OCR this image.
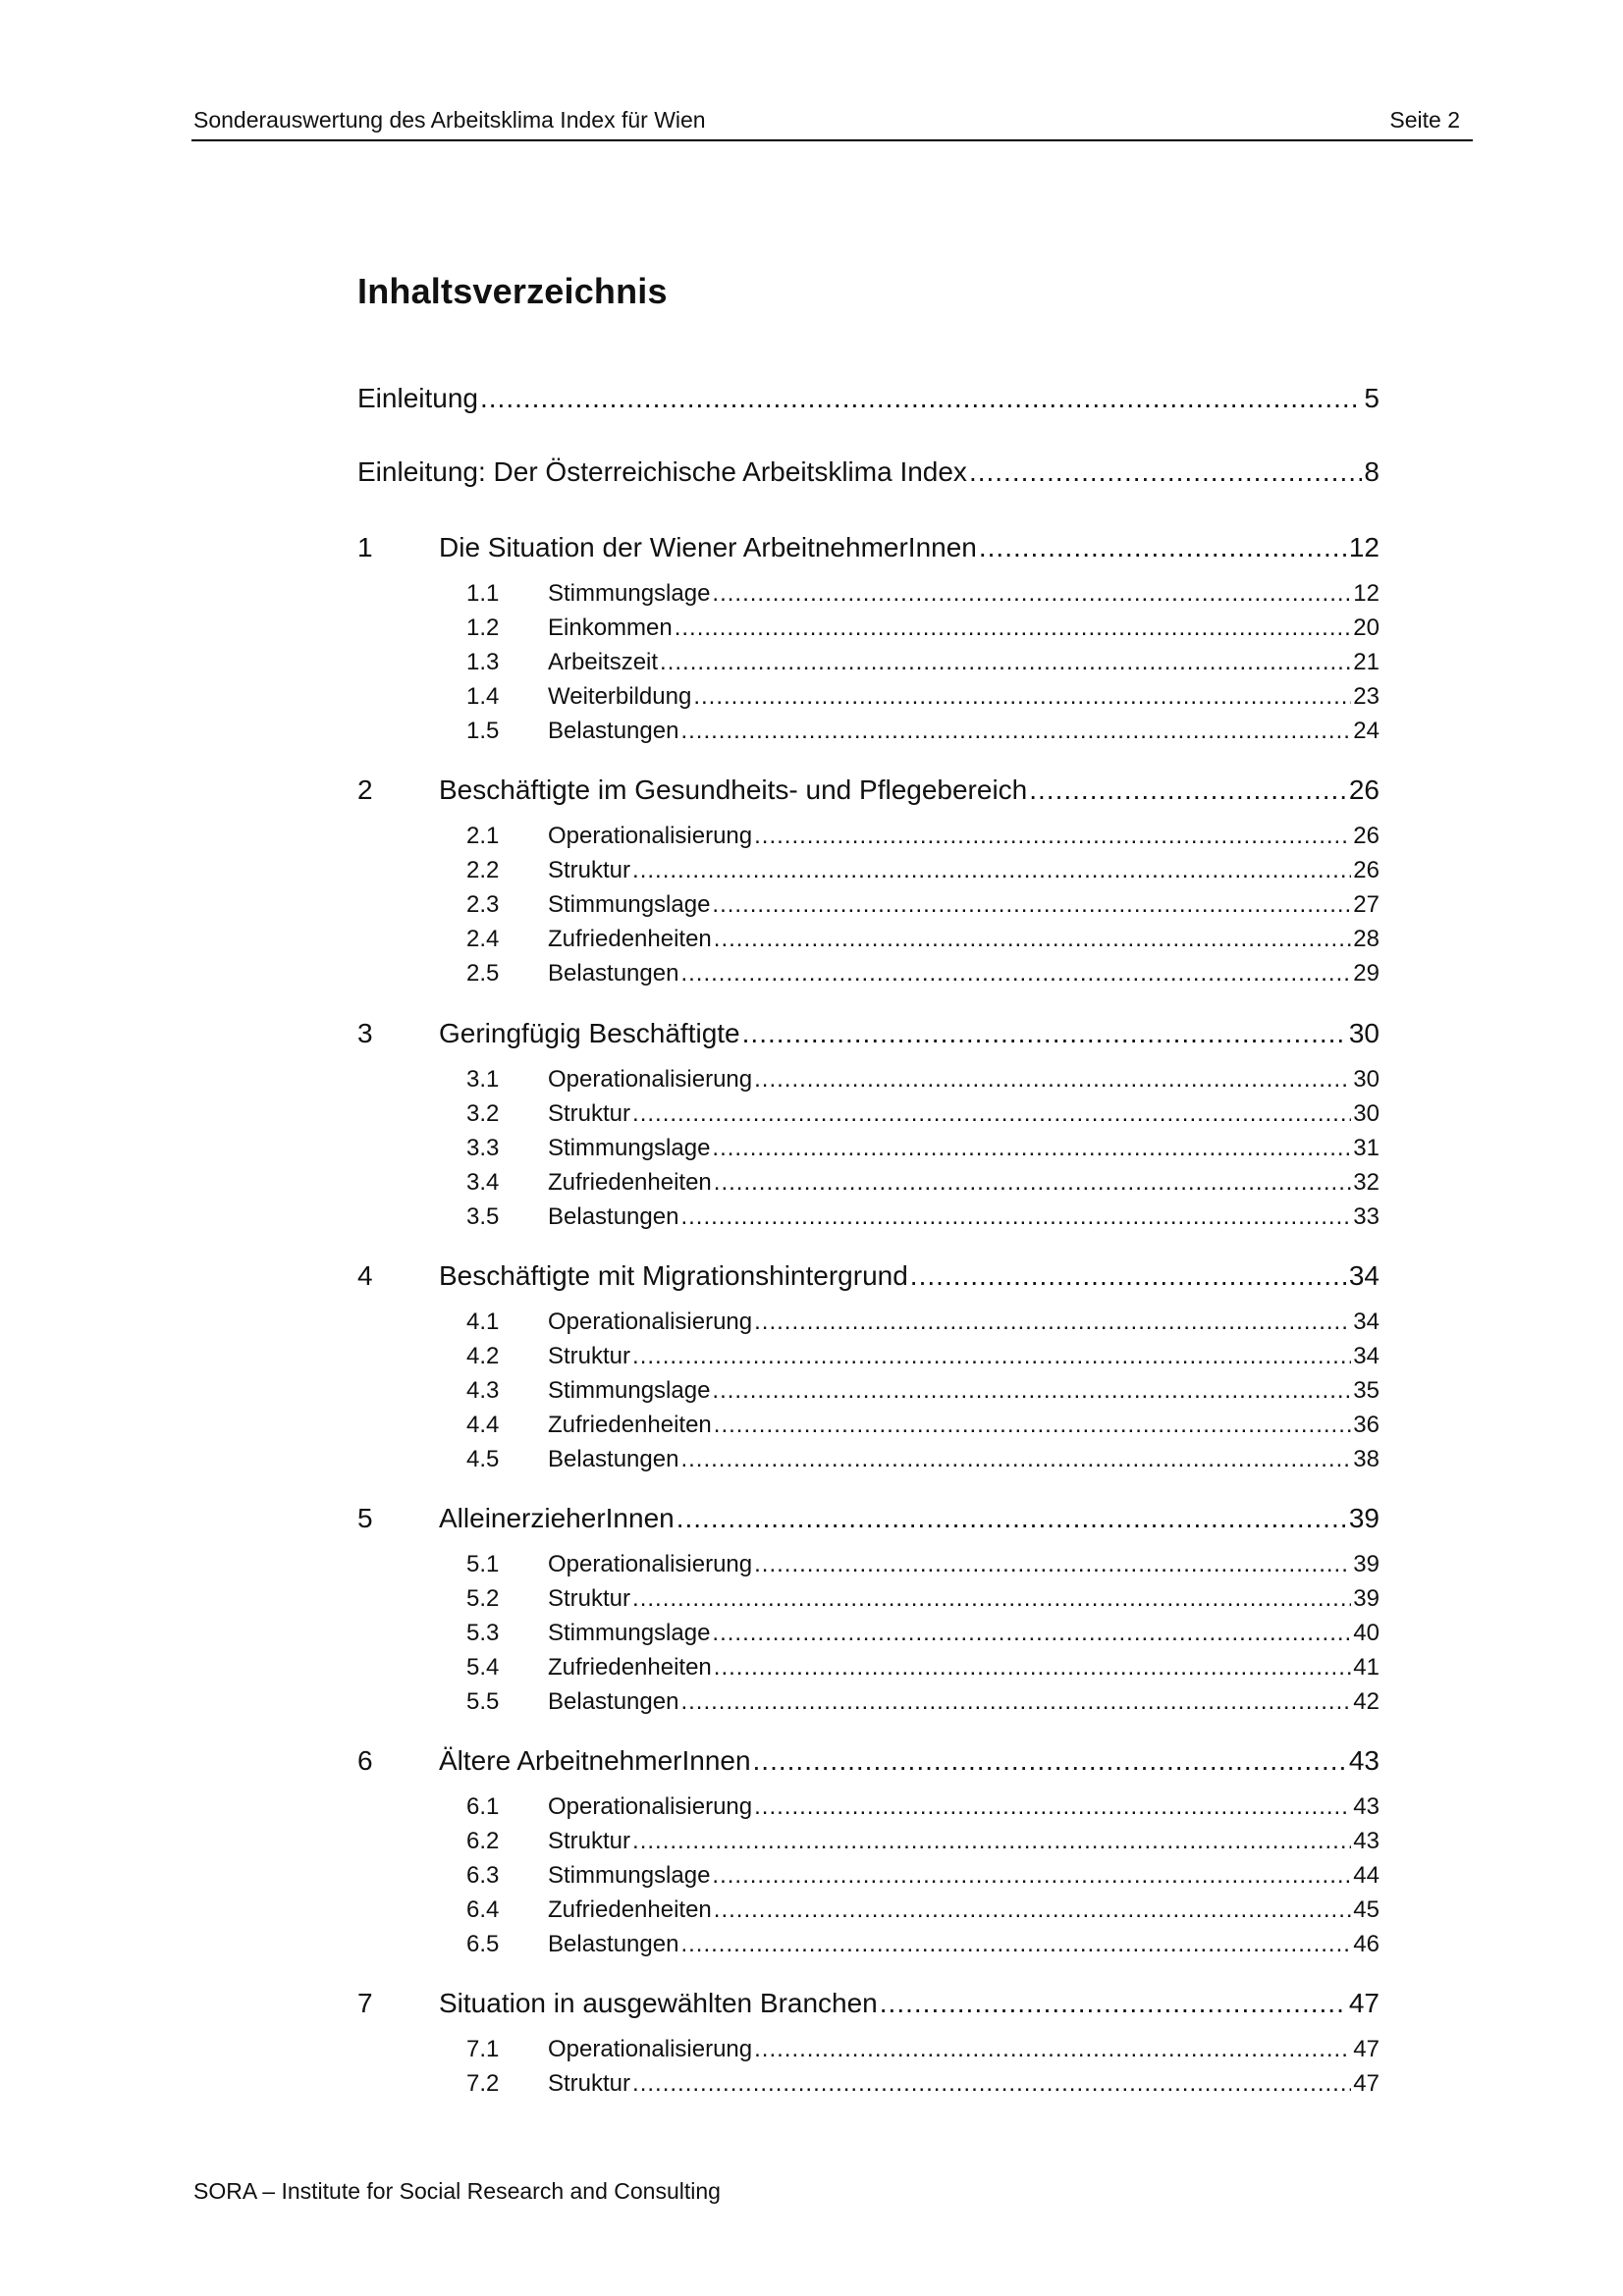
Sonderauswertung des Arbeitsklima Index für Wien	Seite 2
Inhaltsverzeichnis
Einleitung .....	5
Einleitung: Der Österreichische Arbeitsklima Index .....	8
1	Die Situation der Wiener ArbeitnehmerInnen .....	12
1.1	Stimmungslage .....	12
1.2	Einkommen .....	20
1.3	Arbeitszeit .....	21
1.4	Weiterbildung .....	23
1.5	Belastungen .....	24
2	Beschäftigte im Gesundheits- und Pflegebereich .....	26
2.1	Operationalisierung .....	26
2.2	Struktur .....	26
2.3	Stimmungslage .....	27
2.4	Zufriedenheiten .....	28
2.5	Belastungen .....	29
3	Geringfügig Beschäftigte .....	30
3.1	Operationalisierung .....	30
3.2	Struktur .....	30
3.3	Stimmungslage .....	31
3.4	Zufriedenheiten .....	32
3.5	Belastungen .....	33
4	Beschäftigte mit Migrationshintergrund .....	34
4.1	Operationalisierung .....	34
4.2	Struktur .....	34
4.3	Stimmungslage .....	35
4.4	Zufriedenheiten .....	36
4.5	Belastungen .....	38
5	AlleinerzieherInnen .....	39
5.1	Operationalisierung .....	39
5.2	Struktur .....	39
5.3	Stimmungslage .....	40
5.4	Zufriedenheiten .....	41
5.5	Belastungen .....	42
6	Ältere ArbeitnehmerInnen .....	43
6.1	Operationalisierung .....	43
6.2	Struktur .....	43
6.3	Stimmungslage .....	44
6.4	Zufriedenheiten .....	45
6.5	Belastungen .....	46
7	Situation in ausgewählten Branchen .....	47
7.1	Operationalisierung .....	47
7.2	Struktur .....	47
SORA – Institute for Social Research and Consulting
